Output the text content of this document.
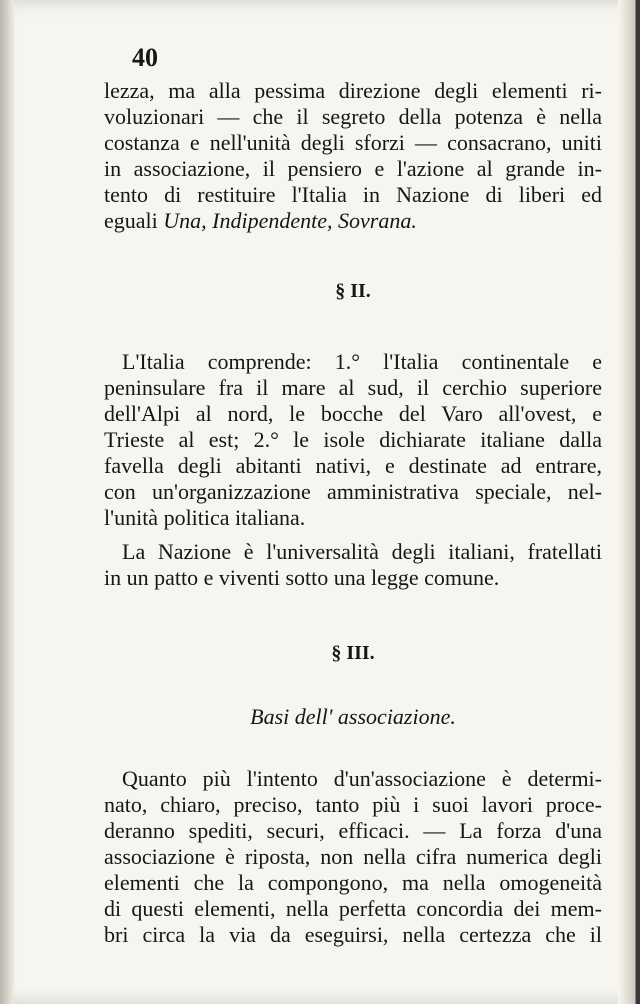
40

lezza, ma alla pessima direzione degli elementi ri-
voluzionari — che il segreto della potenza è nella
costanza e nell'unità degli sforzi — consacrano, uniti
in associazione, il pensiero e l'azione al grande in-
tento di restituire l'Italia in Nazione di liberi ed
eguali Una, Indipendente, Sovrana.

§ II.

L'Italia comprende: 1.° l'Italia continentale e
peninsulare fra il mare al sud, il cerchio superiore
dell'Alpi al nord, le bocche del Varo all'ovest, e
Trieste al est; 2.° le isole dichiarate italiane dalla
favella degli abitanti nativi, e destinate ad entrare,
con un'organizzazione amministrativa speciale, nel-
l'unità politica italiana.

La Nazione è l'universalità degli italiani, fratellati
in un patto e viventi sotto una legge comune.

§ III.
Basi dell' associazione.

Quanto più l'intento d'un'associazione è determi-
nato, chiaro, preciso, tanto più i suoi lavori proce-
deranno spediti, securi, efficaci. — La forza d'una
associazione è riposta, non nella cifra numerica degli
elementi che la compongono, ma nella omogeneità
di questi elementi, nella perfetta concordia dei mem-
bri circa la via da eseguirsi, nella certezza che il
